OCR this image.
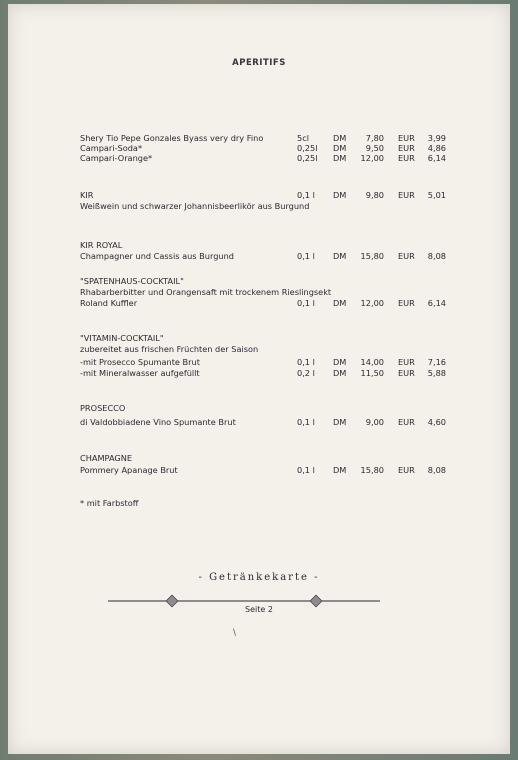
APERITIFS
Shery Tio Pepe Gonzales Byass very dry Fino	5cl	DM	7,80 EUR	3,99
Campari-Soda*	0,25l DM	9,50 EUR	4,86
Campari-Orange*	0,25l DM	12,00 EUR	6,14
KIR	0,1 l DM	9,80 EUR	5,01
Weißwein und schwarzer Johannisbeerlikör aus Burgund
KIR ROYAL
Champagner und Cassis aus Burgund	0,1 l DM	15,80 EUR	8,08
"SPATENHAUS-COCKTAIL"
Rhabarberbitter und Orangensaft mit trockenem Rieslingsekt
Roland Kuffler	0,1 l DM	12,00 EUR	6,14
"VITAMIN-COCKTAIL"
zubereitet aus frischen Früchten der Saison
-mit Prosecco Spumante Brut	0,1 l DM	14,00 EUR	7,16
-mit Mineralwasser aufgefüllt	0,2 l DM	11,50 EUR	5,88
PROSECCO
di Valdobbiadene Vino Spumante Brut	0,1 l DM	9,00 EUR	4,60
CHAMPAGNE
Pommery Apanage Brut	0,1 l DM	15,80 EUR	8,08
* mit Farbstoff
- Getränkekarte -
Seite 2
\
